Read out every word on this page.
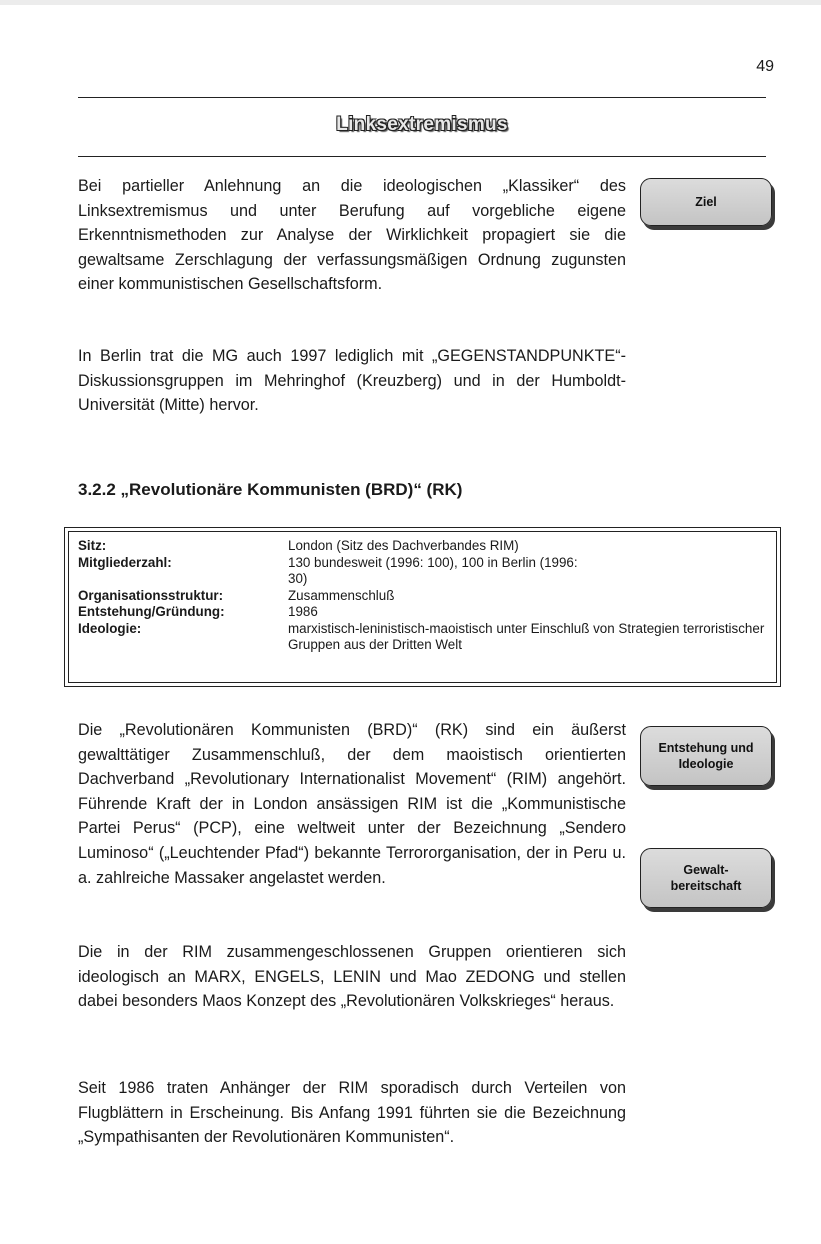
49
Linksextremismus

Bei partieller Anlehnung an die ideologischen „Klassiker“ des Linksextremismus und unter Berufung auf vorgebliche eigene Erkenntnismethoden zur Analyse der Wirklichkeit propagiert sie die gewaltsame Zerschlagung der verfassungsmäßigen Ordnung zugunsten einer kommunistischen Gesellschaftsform.

Ziel

In Berlin trat die MG auch 1997 lediglich mit „GEGENSTANDPUNKTE“-Diskussionsgruppen im Mehringhof (Kreuzberg) und in der Humboldt-Universität (Mitte) hervor.

3.2.2 „Revolutionäre Kommunisten (BRD)“ (RK)
Sitz:	London (Sitz des Dachverbandes RIM)
Mitgliederzahl:	130 bundesweit (1996: 100), 100 in Berlin (1996: 30)
Organisationsstruktur:	Zusammenschluß
Entstehung/Gründung:	1986
Ideologie:	marxistisch-leninistisch-maoistisch unter Einschluß von Strategien terroristischer Gruppen aus der Dritten Welt

Die „Revolutionären Kommunisten (BRD)“ (RK) sind ein äußerst gewalttätiger Zusammenschluß, der dem maoistisch orientierten Dachverband „Revolutionary Internationalist Movement“ (RIM) angehört. Führende Kraft der in London ansässigen RIM ist die „Kommunistische Partei Perus“ (PCP), eine weltweit unter der Bezeichnung „Sendero Luminoso“ („Leuchtender Pfad“) bekannte Terrororganisation, der in Peru u. a. zahlreiche Massaker angelastet werden.

Entstehung und Ideologie
Gewalt-bereitschaft

Die in der RIM zusammengeschlossenen Gruppen orientieren sich ideologisch an MARX, ENGELS, LENIN und Mao ZEDONG und stellen dabei besonders Maos Konzept des „Revolutionären Volkskrieges“ heraus.

Seit 1986 traten Anhänger der RIM sporadisch durch Verteilen von Flugblättern in Erscheinung. Bis Anfang 1991 führten sie die Bezeichnung „Sympathisanten der Revolutionären Kommunisten“.
